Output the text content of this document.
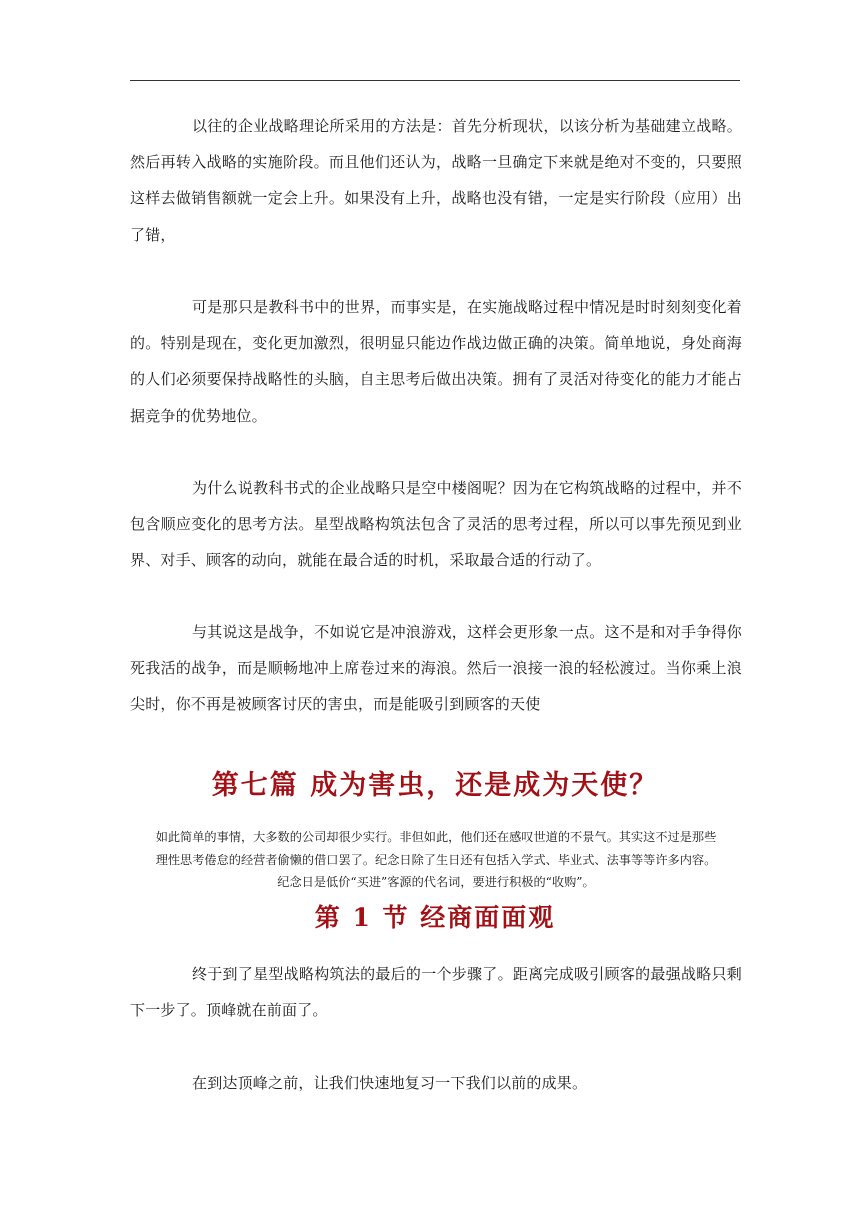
以往的企业战略理论所采用的方法是：首先分析现状，以该分析为基础建立战略。然后再转入战略的实施阶段。而且他们还认为，战略一旦确定下来就是绝对不变的，只要照这样去做销售额就一定会上升。如果没有上升，战略也没有错，一定是实行阶段（应用）出了错，

可是那只是教科书中的世界，而事实是，在实施战略过程中情况是时时刻刻变化着的。特别是现在，变化更加激烈，很明显只能边作战边做正确的决策。简单地说，身处商海的人们必须要保持战略性的头脑，自主思考后做出决策。拥有了灵活对待变化的能力才能占据竞争的优势地位。

为什么说教科书式的企业战略只是空中楼阁呢？因为在它构筑战略的过程中，并不包含顺应变化的思考方法。星型战略构筑法包含了灵活的思考过程，所以可以事先预见到业界、对手、顾客的动向，就能在最合适的时机，采取最合适的行动了。

与其说这是战争，不如说它是冲浪游戏，这样会更形象一点。这不是和对手争得你死我活的战争，而是顺畅地冲上席卷过来的海浪。然后一浪接一浪的轻松渡过。当你乘上浪尖时，你不再是被顾客讨厌的害虫，而是能吸引到顾客的天使

第七篇 成为害虫，还是成为天使？

如此简单的事情，大多数的公司却很少实行。非但如此，他们还在感叹世道的不景气。其实这不过是那些
理性思考倦怠的经营者偷懒的借口罢了。纪念日除了生日还有包括入学式、毕业式、法事等等许多内容。
纪念日是低价“买进”客源的代名词，要进行积极的“收购”。

第 1 节 经商面面观

终于到了星型战略构筑法的最后的一个步骤了。距离完成吸引顾客的最强战略只剩下一步了。顶峰就在前面了。

在到达顶峰之前，让我们快速地复习一下我们以前的成果。
